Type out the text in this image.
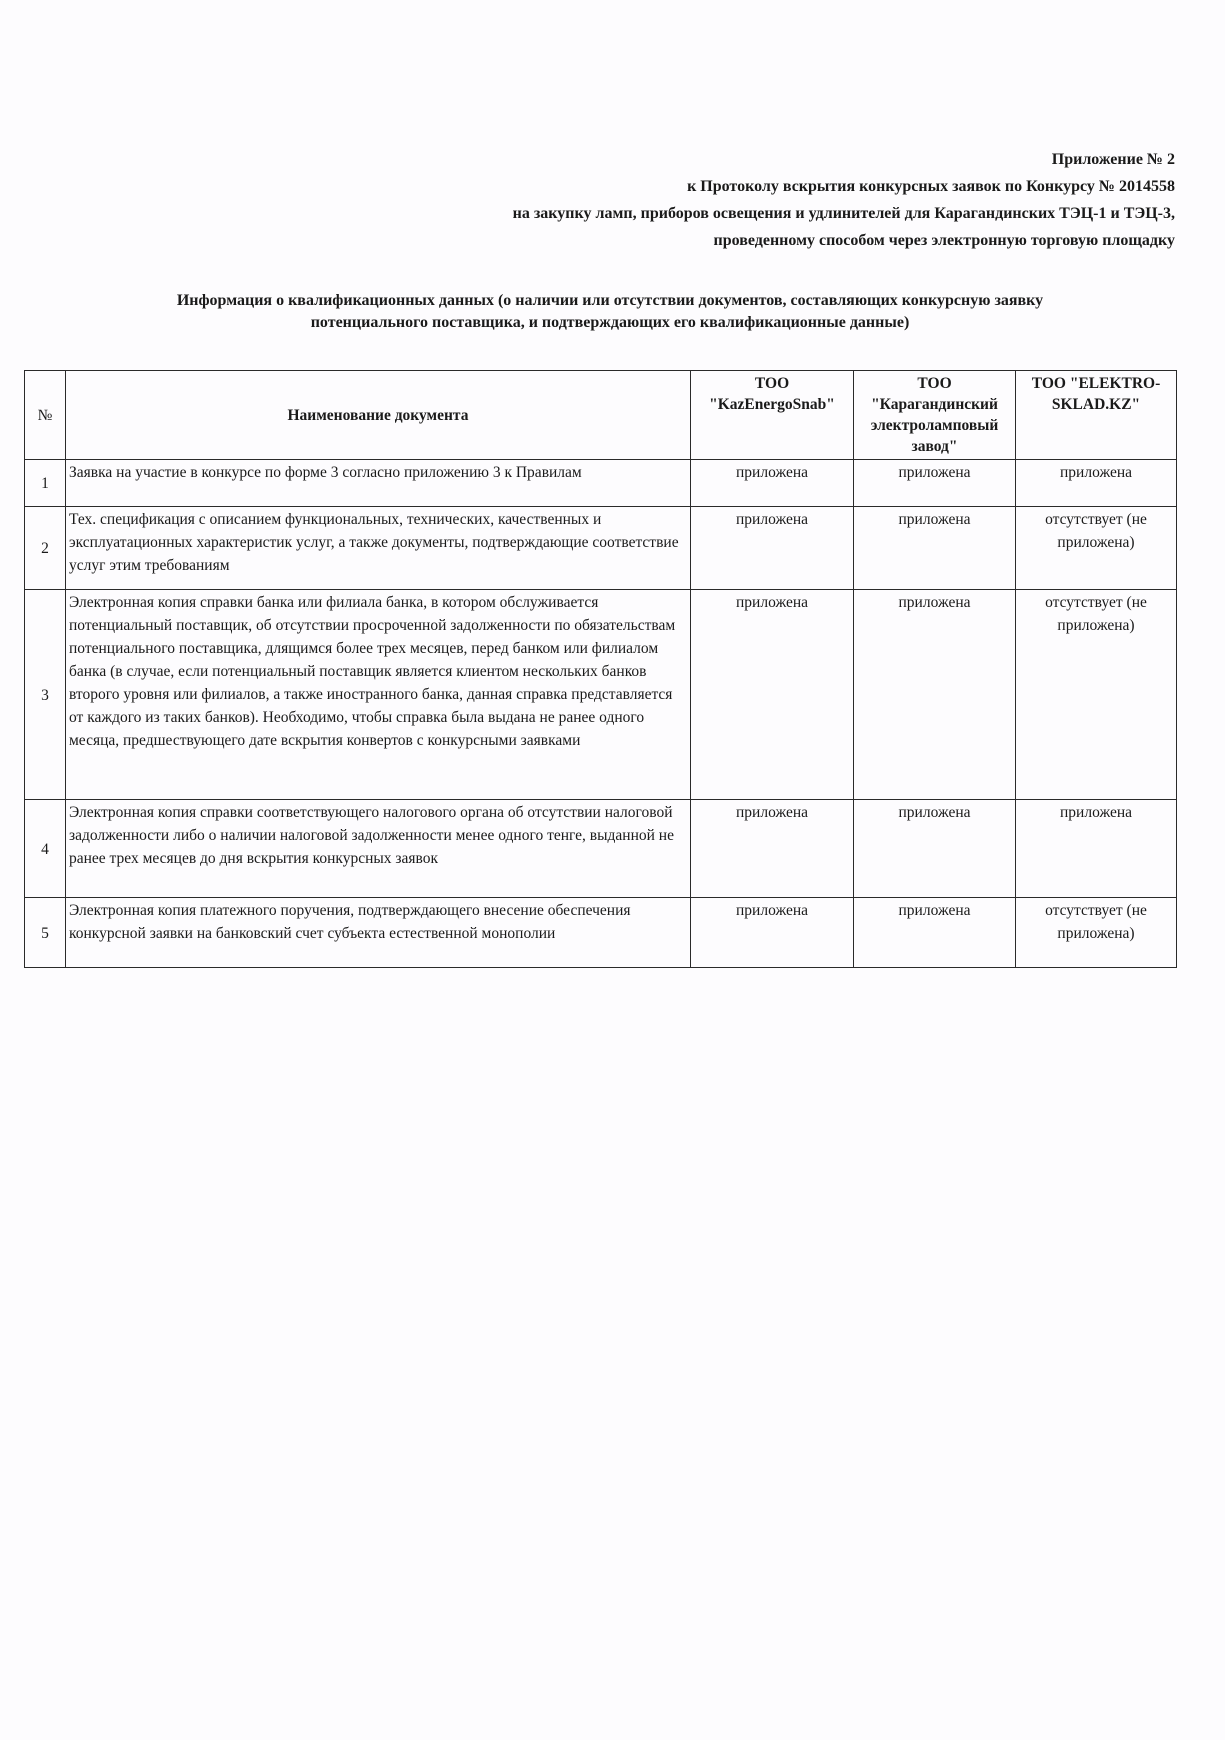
Приложение № 2
к Протоколу вскрытия конкурсных заявок по Конкурсу № 2014558
на закупку ламп, приборов освещения и удлинителей для Карагандинских ТЭЦ-1 и ТЭЦ-3,
проведенному способом через электронную торговую площадку
Информация о квалификационных данных (о наличии или отсутствии документов, составляющих конкурсную заявку
потенциального поставщика, и подтверждающих его квалификационные данные)
№	Наименование документа	ТОО "KazEnergoSnab"	ТОО "Карагандинский электроламповый завод"	ТОО "ELEKTRO-SKLAD.KZ"
1	Заявка на участие в конкурсе по форме 3 согласно приложению 3 к Правилам	приложена	приложена	приложена
2	Тех. спецификация с описанием функциональных, технических, качественных и эксплуатационных характеристик услуг, а также документы, подтверждающие соответствие услуг этим требованиям	приложена	приложена	отсутствует (не приложена)
3	Электронная копия справки банка или филиала банка, в котором обслуживается потенциальный поставщик, об отсутствии просроченной задолженности по обязательствам потенциального поставщика, длящимся более трех месяцев, перед банком или филиалом банка (в случае, если потенциальный поставщик является клиентом нескольких банков второго уровня или филиалов, а также иностранного банка, данная справка представляется от каждого из таких банков). Необходимо, чтобы справка была выдана не ранее одного месяца, предшествующего дате вскрытия конвертов с конкурсными заявками	приложена	приложена	отсутствует (не приложена)
4	Электронная копия справки соответствующего налогового органа об отсутствии налоговой задолженности либо о наличии налоговой задолженности менее одного тенге, выданной не ранее трех месяцев до дня вскрытия конкурсных заявок	приложена	приложена	приложена
5	Электронная копия платежного поручения, подтверждающего внесение обеспечения конкурсной заявки на банковский счет субъекта естественной монополии	приложена	приложена	отсутствует (не приложена)
